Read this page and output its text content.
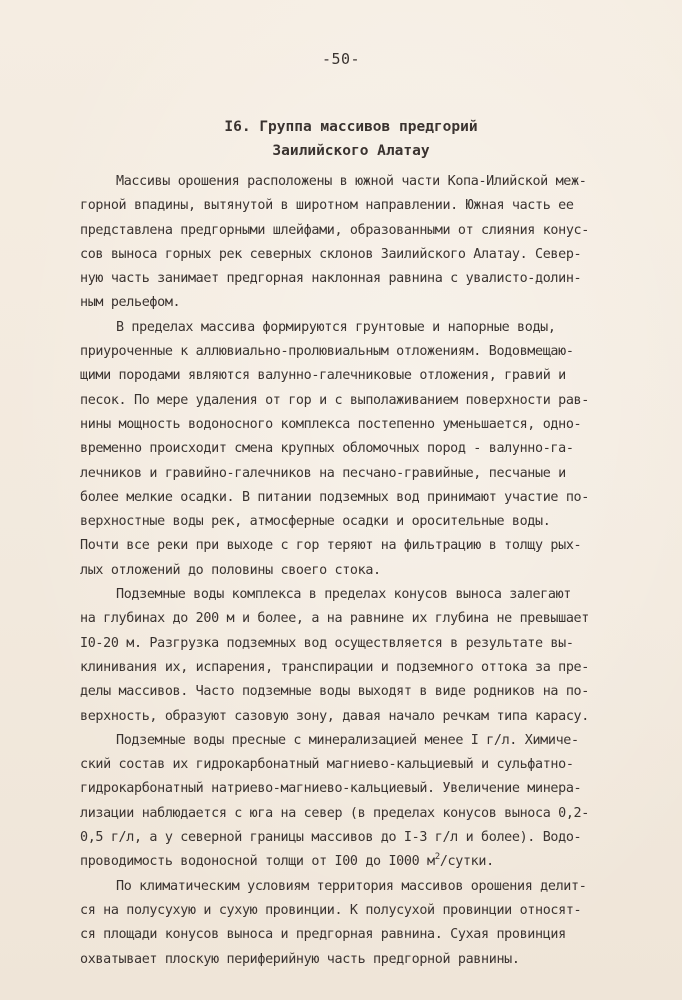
-50-
I6. Группа массивов предгорий
Заилийского Алатау
Массивы орошения расположены в южной части Копа-Илийской меж-
горной впадины, вытянутой в широтном направлении. Южная часть ее
представлена предгорными шлейфами, образованными от слияния конус-
сов выноса горных рек северных склонов Заилийского Алатау. Север-
ную часть занимает предгорная наклонная равнина с увалисто-долин-
ным рельефом.
В пределах массива формируются грунтовые и напорные воды,
приуроченные к аллювиально-пролювиальным отложениям. Водовмещаю-
щими породами являются валунно-галечниковые отложения, гравий и
песок. По мере удаления от гор и с выполаживанием поверхности рав-
нины мощность водоносного комплекса постепенно уменьшается, одно-
временно происходит смена крупных обломочных пород - валунно-га-
лечников и гравийно-галечников на песчано-гравийные, песчаные и
более мелкие осадки. В питании подземных вод принимают участие по-
верхностные воды рек, атмосферные осадки и оросительные воды.
Почти все реки при выходе с гор теряют на фильтрацию в толщу рых-
лых отложений до половины своего стока.
Подземные воды комплекса в пределах конусов выноса залегают
на глубинах до 200 м и более, а на равнине их глубина не превышает
I0-20 м. Разгрузка подземных вод осуществляется в результате вы-
клинивания их, испарения, транспирации и подземного оттока за пре-
делы массивов. Часто подземные воды выходят в виде родников на по-
верхность, образуют сазовую зону, давая начало речкам типа карасу.
Подземные воды пресные с минерализацией менее I г/л. Химиче-
ский состав их гидрокарбонатный магниево-кальциевый и сульфатно-
гидрокарбонатный натриево-магниево-кальциевый. Увеличение минера-
лизации наблюдается с юга на север (в пределах конусов выноса 0,2-
0,5 г/л, а у северной границы массивов до I-3 г/л и более). Водо-
проводимость водоносной толщи от I00 до I000 $м^2$/сутки.
По климатическим условиям территория массивов орошения делит-
ся на полусухую и сухую провинции. К полусухой провинции относят-
ся площади конусов выноса и предгорная равнина. Сухая провинция
охватывает плоскую периферийную часть предгорной равнины.
